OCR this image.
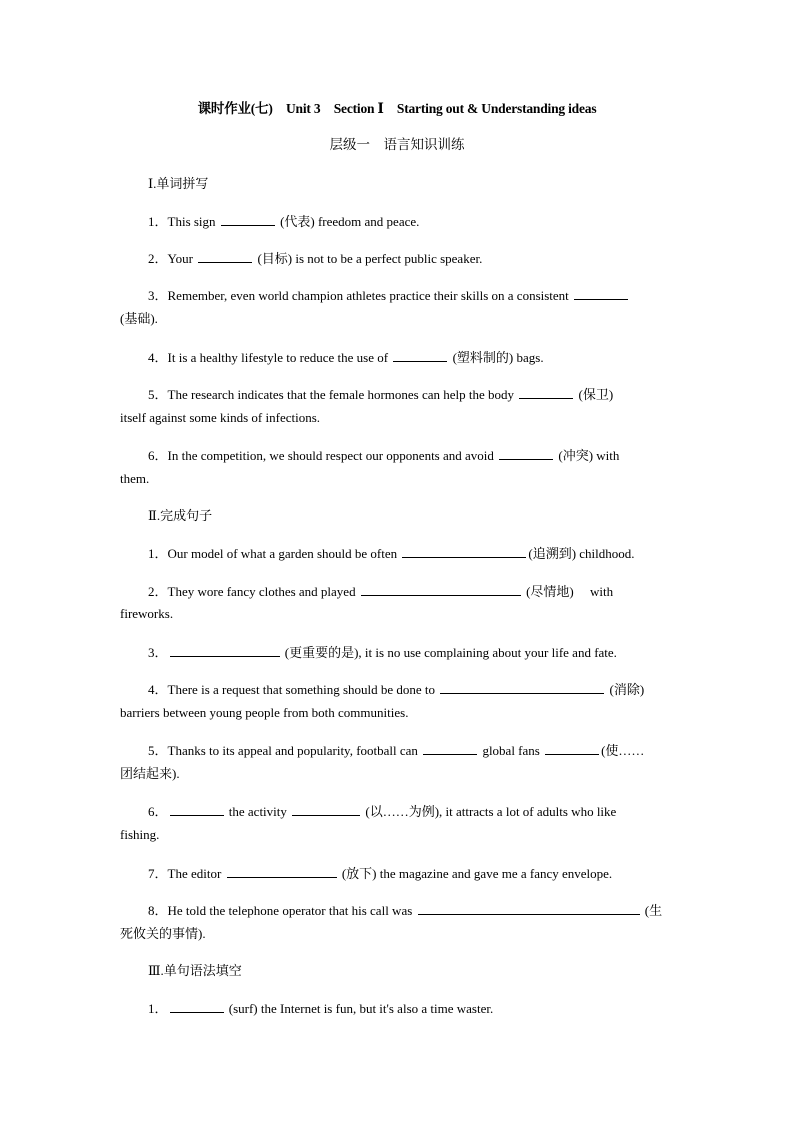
课时作业(七)　Unit 3　Section Ⅰ　Starting out & Understanding ideas
层级一　语言知识训练
Ⅰ.单词拼写
1．This sign	(代表) freedom and peace.
2．Your	(目标) is not to be a perfect public speaker.
3．Remember, even world champion athletes practice their skills on a consistent
(基础).
4．It is a healthy lifestyle to reduce the use of	(塑料制的) bags.
5．The research indicates that the female hormones can help the body	(保卫)
itself against some kinds of infections.
6．In the competition, we should respect our opponents and avoid	(冲突) with
them.
Ⅱ.完成句子
1．Our model of what a garden should be often	(追溯到) childhood.
2．They wore fancy clothes and played	(尽情地)　 with
fireworks.
3．	(更重要的是), it is no use complaining about your life and fate.
4．There is a request that something should be done to	(消除)
barriers between young people from both communities.
5．Thanks to its appeal and popularity, football can	global fans	(使……
团结起来).
6．	the activity	(以……为例), it attracts a lot of adults who like
fishing.
7．The editor	(放下) the magazine and gave me a fancy envelope.
8．He told the telephone operator that his call was	(生
死攸关的事情).
Ⅲ.单句语法填空
1．	(surf) the Internet is fun, but it's also a time waster.
